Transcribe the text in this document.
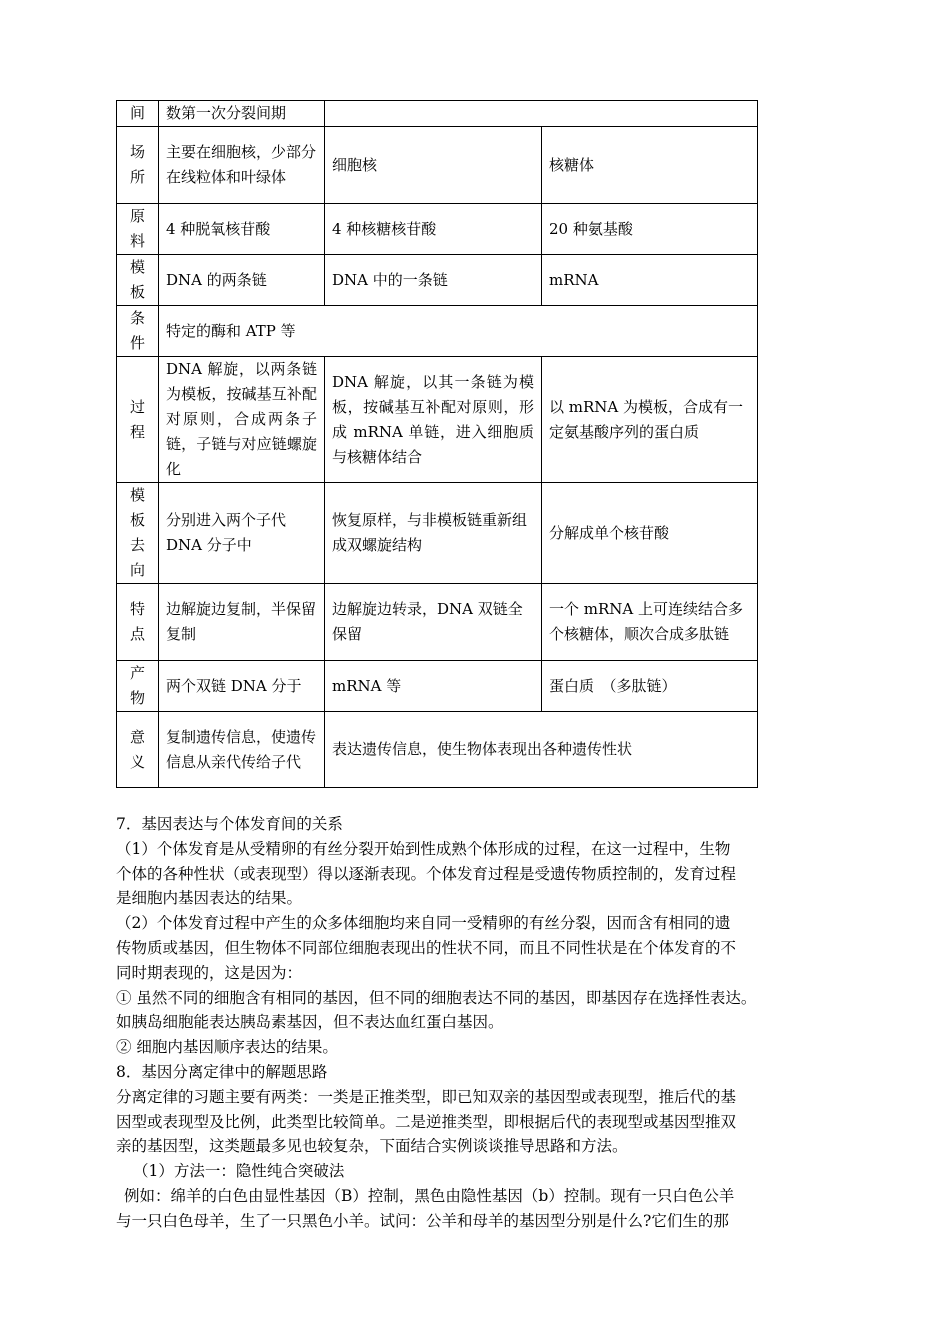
间	数第一次分裂间期		
场所	主要在细胞核，少部分在线粒体和叶绿体	细胞核	核糖体
原料	4 种脱氧核苷酸	4 种核糖核苷酸	20 种氨基酸
模板	DNA 的两条链	DNA 中的一条链	mRNA
条件	特定的酶和 ATP 等		
过程	DNA 解旋，以两条链为模板，按碱基互补配对原则，合成两条子链，子链与对应链螺旋化	DNA 解旋，以其一条链为模板，按碱基互补配对原则，形成 mRNA 单链，进入细胞质与核糖体结合	以 mRNA 为模板，合成有一定氨基酸序列的蛋白质
模板去向	分别进入两个子代 DNA 分子中	恢复原样，与非模板链重新组成双螺旋结构	分解成单个核苷酸
特点	边解旋边复制，半保留复制	边解旋边转录，DNA 双链全保留	一个 mRNA 上可连续结合多个核糖体，顺次合成多肽链
产物	两个双链 DNA 分于	mRNA 等	蛋白质　（多肽链）
意义	复制遗传信息，使遗传信息从亲代传给子代	表达遗传信息，使生物体表现出各种遗传性状	

7．基因表达与个体发育间的关系

（1）个体发育是从受精卵的有丝分裂开始到性成熟个体形成的过程，在这一过程中，生物

个体的各种性状（或表现型）得以逐渐表现。个体发育过程是受遗传物质控制的，发育过程

是细胞内基因表达的结果。

（2）个体发育过程中产生的众多体细胞均来自同一受精卵的有丝分裂，因而含有相同的遗

传物质或基因，但生物体不同部位细胞表现出的性状不同，而且不同性状是在个体发育的不

同时期表现的，这是因为：

① 虽然不同的细胞含有相同的基因，但不同的细胞表达不同的基因，即基因存在选择性表达。

如胰岛细胞能表达胰岛素基因，但不表达血红蛋白基因。

② 细胞内基因顺序表达的结果。

8．基因分离定律中的解题思路

分离定律的习题主要有两类：一类是正推类型，即已知双亲的基因型或表现型，推后代的基

因型或表现型及比例，此类型比较简单。二是逆推类型，即根据后代的表现型或基因型推双

亲的基因型，这类题最多见也较复杂，下面结合实例谈谈推导思路和方法。

（1）方法一：隐性纯合突破法

例如：绵羊的白色由显性基因（B）控制，黑色由隐性基因（b）控制。现有一只白色公羊

与一只白色母羊，生了一只黑色小羊。试问：公羊和母羊的基因型分别是什么?它们生的那
